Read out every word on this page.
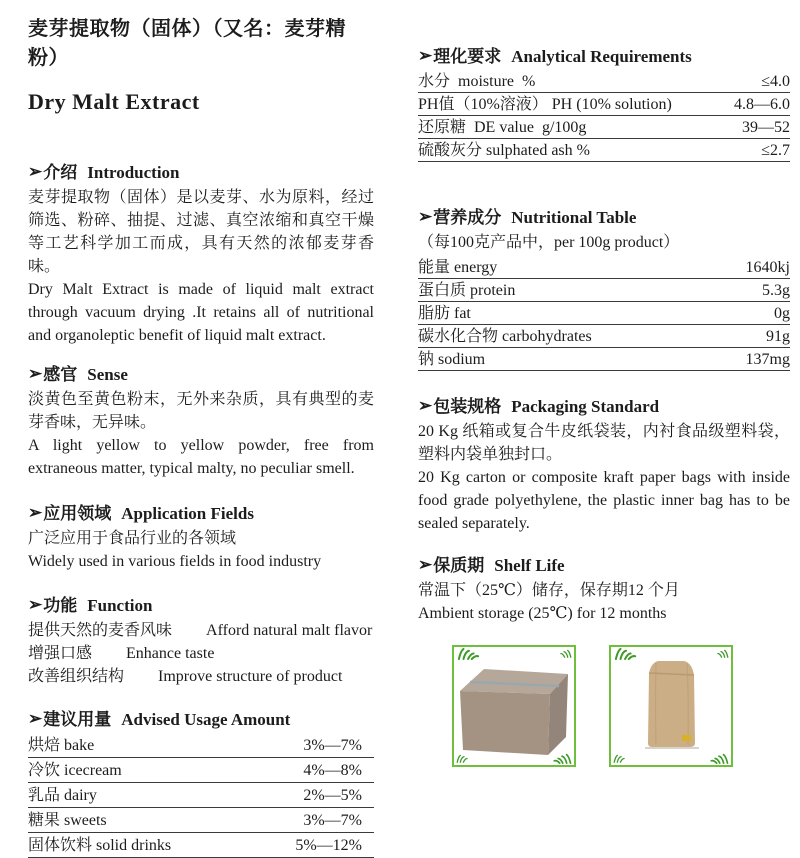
麦芽提取物（固体）（又名：麦芽精粉）
Dry Malt Extract
➢介绍 Introduction
麦芽提取物（固体）是以麦芽、水为原料，经过筛选、粉碎、抽提、过滤、真空浓缩和真空干燥等工艺科学加工而成，具有天然的浓郁麦芽香味。
Dry Malt Extract is made of liquid malt extract through vacuum drying .It retains all of nutritional and organoleptic benefit of liquid malt extract.
➢感官 Sense
淡黄色至黄色粉末，无外来杂质，具有典型的麦芽香味，无异味。
A light yellow to yellow powder, free from extraneous matter, typical malty, no peculiar smell.
➢应用领域 Application Fields
广泛应用于食品行业的各领域
Widely used in various fields in food industry
➢功能 Function
提供天然的麦香风味 Afford natural malt flavor
增强口感 Enhance taste
改善组织结构 Improve structure of product
➢建议用量 Advised Usage Amount
烘焙 bake	3%—7%
冷饮 icecream	4%—8%
乳品 dairy	2%—5%
糖果 sweets	3%—7%
固体饮料 solid drinks	5%—12%
➢理化要求 Analytical Requirements
水分  moisture  %	≤4.0
PH值（10%溶液） PH (10% solution)	4.8—6.0
还原糖  DE value  g/100g	39—52
硫酸灰分 sulphated ash %	≤2.7
➢营养成分 Nutritional Table
（每100克产品中，per 100g product）
能量 energy	1640kj
蛋白质 protein	5.3g
脂肪 fat	0g
碳水化合物 carbohydrates	91g
钠 sodium	137mg
➢包装规格 Packaging Standard
20 Kg 纸箱或复合牛皮纸袋装，内衬食品级塑料袋，塑料内袋单独封口。
20 Kg carton or composite kraft paper bags with inside food grade polyethylene, the plastic inner bag has to be sealed separately.
➢保质期 Shelf Life
常温下（25℃）储存，保存期12 个月
Ambient storage (25℃) for 12 months
